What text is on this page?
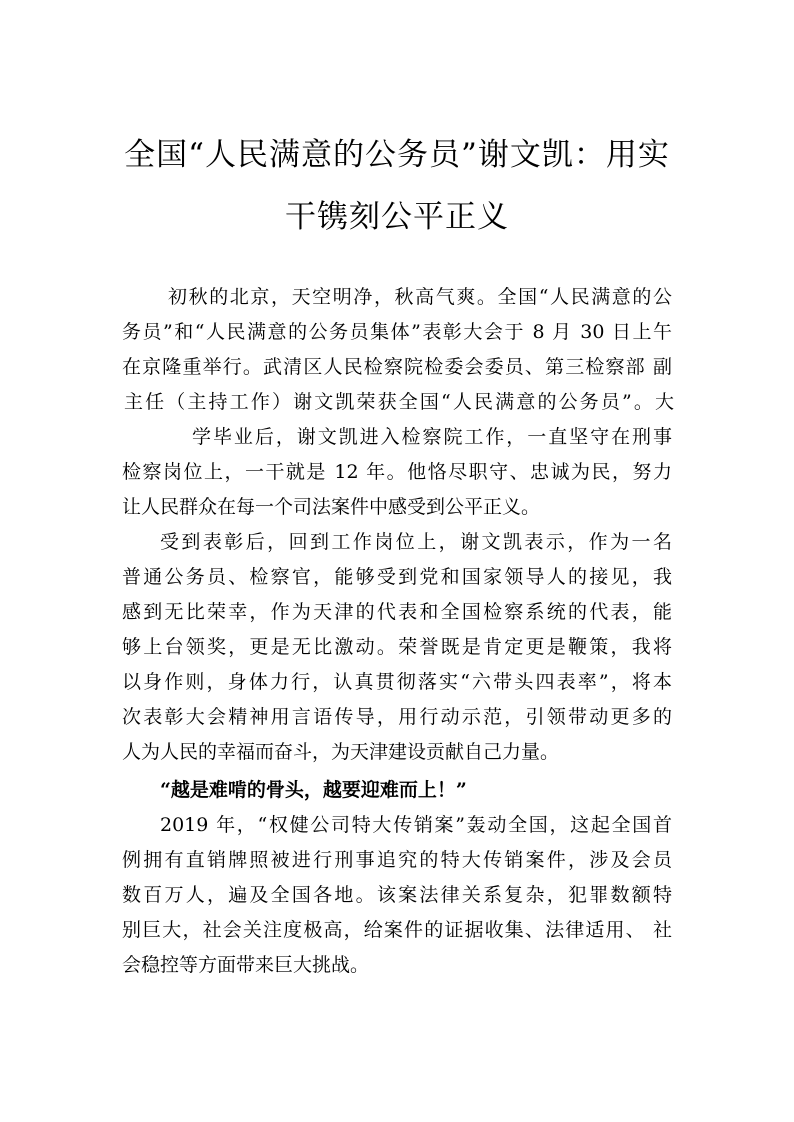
全国“人民满意的公务员”谢文凯：用实
干镌刻公平正义
初秋的北京，天空明净，秋高气爽。全国“人民满意的公
务员”和“人民满意的公务员集体”表彰大会于 8 月 30 日上午
在京隆重举行。武清区人民检察院检委会委员、第三检察部 副
主任（主持工作）谢文凯荣获全国“人民满意的公务员”。大
学毕业后，谢文凯进入检察院工作，一直坚守在刑事
检察岗位上，一干就是 12 年。他恪尽职守、忠诚为民，努力
让人民群众在每一个司法案件中感受到公平正义。
受到表彰后，回到工作岗位上，谢文凯表示，作为一名
普通公务员、检察官，能够受到党和国家领导人的接见，我
感到无比荣幸，作为天津的代表和全国检察系统的代表，能
够上台领奖，更是无比激动。荣誉既是肯定更是鞭策，我将
以身作则，身体力行，认真贯彻落实“六带头四表率”，将本
次表彰大会精神用言语传导，用行动示范，引领带动更多的
人为人民的幸福而奋斗，为天津建设贡献自己力量。
“越是难啃的骨头，越要迎难而上！”
2019 年，“权健公司特大传销案”轰动全国，这起全国首
例拥有直销牌照被进行刑事追究的特大传销案件，涉及会员
数百万人，遍及全国各地。该案法律关系复杂，犯罪数额特
别巨大，社会关注度极高，给案件的证据收集、法律适用、 社
会稳控等方面带来巨大挑战。
